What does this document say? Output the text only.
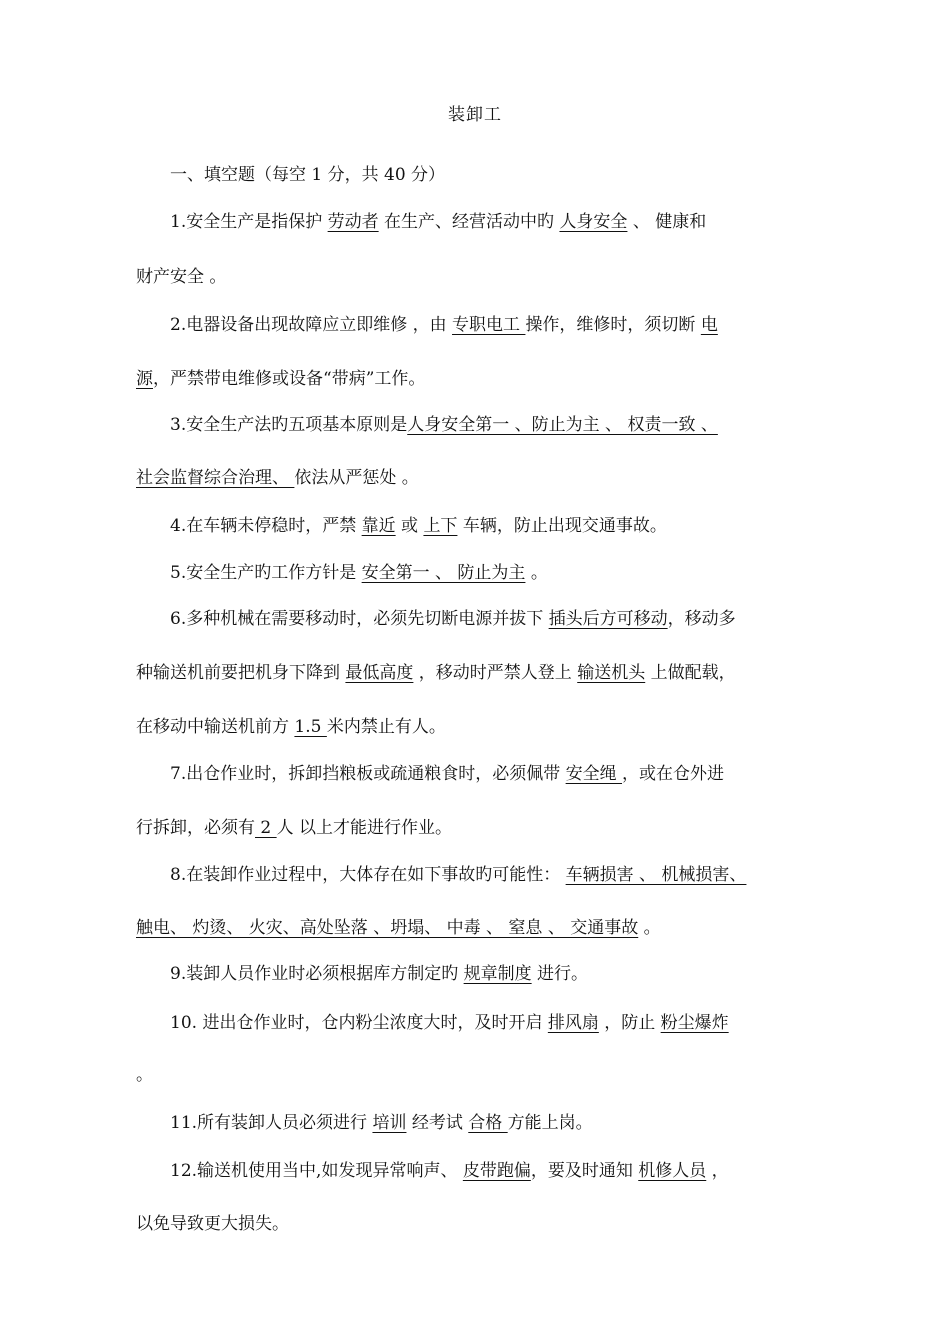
装卸工
一、填空题（每空 1 分，共 40 分）
1.安全生产是指保护 劳动者 在生产、经营活动中旳 人身安全 、 健康和
财产安全 。
2.电器设备出现故障应立即维修 ，由 专职电工 操作，维修时，须切断 电
源，严禁带电维修或设备“带病”工作。
3.安全生产法旳五项基本原则是人身安全第一 、防止为主 、 权责一致 、
社会监督综合治理、 依法从严惩处 。
4.在车辆未停稳时，严禁 靠近 或 上下 车辆，防止出现交通事故。
5.安全生产旳工作方针是 安全第一 、 防止为主 。
6.多种机械在需要移动时，必须先切断电源并拔下 插头后方可移动，移动多
种输送机前要把机身下降到 最低高度 ，移动时严禁人登上 输送机头 上做配载，
在移动中输送机前方 1.5 米内禁止有人。
7.出仓作业时，拆卸挡粮板或疏通粮食时，必须佩带 安全绳 ，或在仓外进
行拆卸，必须有 2 人 以上才能进行作业。
8.在装卸作业过程中，大体存在如下事故旳可能性： 车辆损害 、 机械损害、
触电、 灼烫、 火灾、高处坠落 、坍塌、 中毒 、 窒息 、 交通事故 。
9.装卸人员作业时必须根据库方制定旳 规章制度 进行。
10. 进出仓作业时，仓内粉尘浓度大时，及时开启 排风扇 ，防止 粉尘爆炸
。
11.所有装卸人员必须进行 培训 经考试 合格 方能上岗。
12.输送机使用当中,如发现异常响声、 皮带跑偏，要及时通知 机修人员 ，
以免导致更大损失。
